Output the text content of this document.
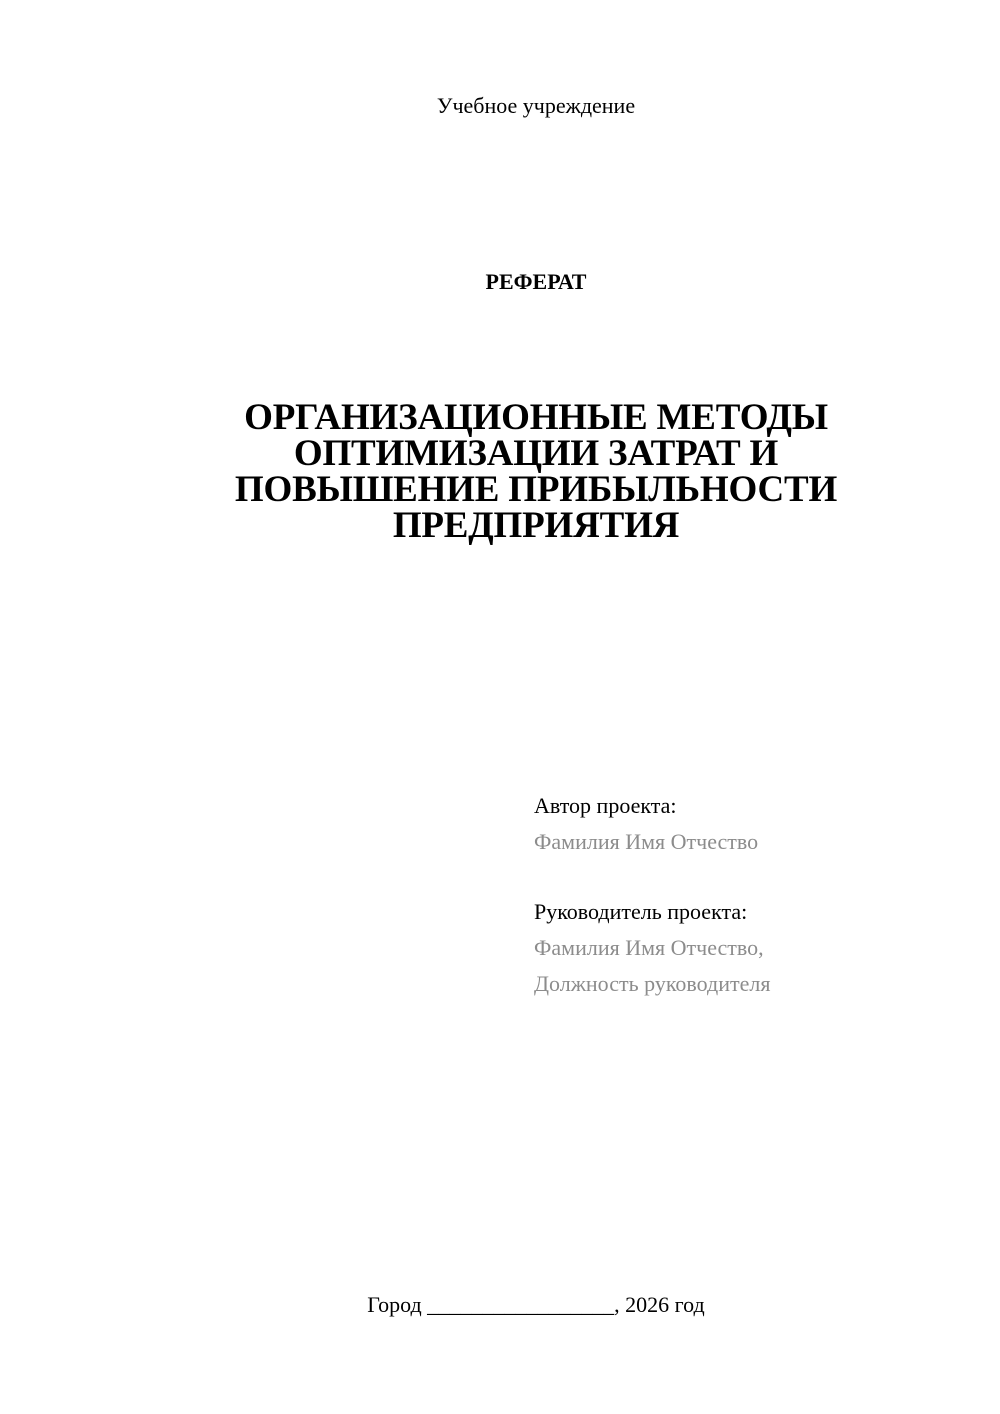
Учебное учреждение
РЕФЕРАТ
ОРГАНИЗАЦИОННЫЕ МЕТОДЫ
ОПТИМИЗАЦИИ ЗАТРАТ И
ПОВЫШЕНИЕ ПРИБЫЛЬНОСТИ
ПРЕДПРИЯТИЯ
Автор проекта:
Фамилия Имя Отчество
Руководитель проекта:
Фамилия Имя Отчество,
Должность руководителя
Город _________________, 2026 год
